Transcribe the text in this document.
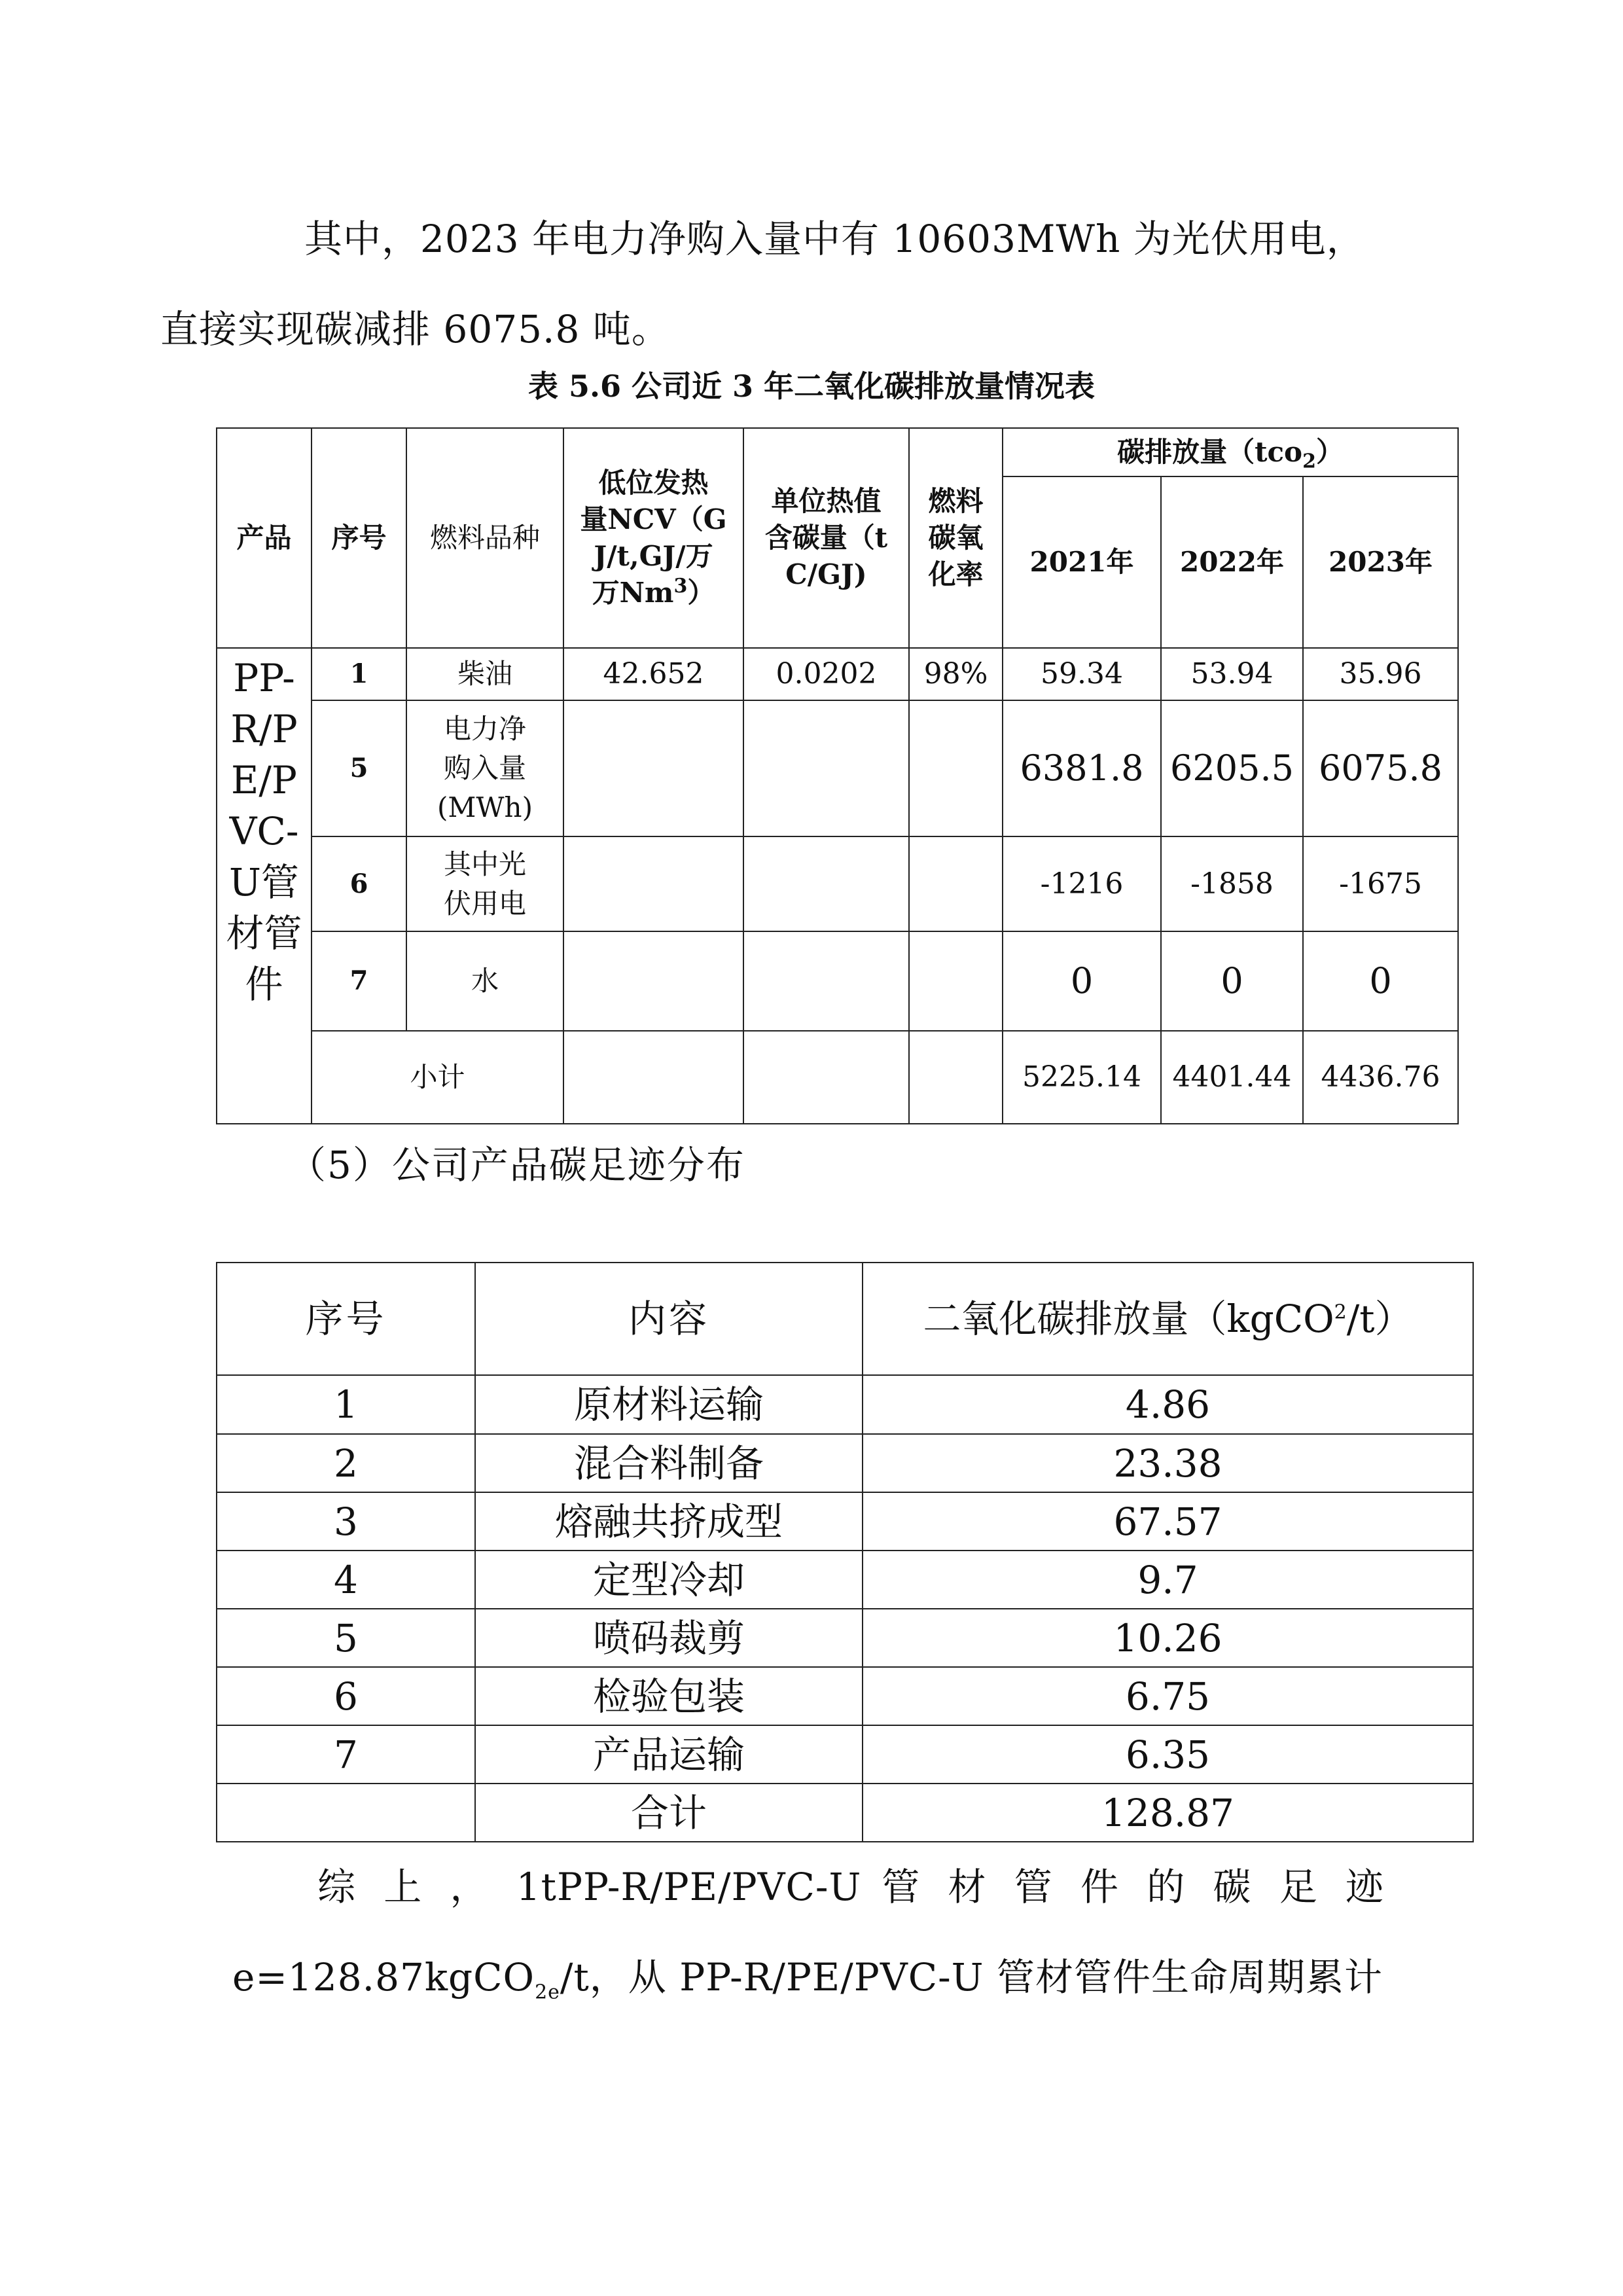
其中，2023 年电力净购入量中有 10603MWh 为光伏用电，
直接实现碳减排 6075.8 吨。

表 5.6 公司近 3 年二氧化碳排放量情况表
产品	序号	燃料品种	低位发热
量NCV（G
J/t,GJ/万
万Nm$^3$）	单位热值
含碳量（t
C/GJ)	燃料
碳氧
化率	碳排放量（tco$_2$）		
						2021年	2022年	2023年
PP-R/PE/PVC-U管材管件	1	柴油	42.652	0.0202	98%	59.34	53.94	35.96
	5	电力净
购入量
(MWh)				6381.8	6205.5	6075.8
	6	其中光
伏用电				-1216	-1858	-1675
	7	水				0	0	0
	小计					5225.14	4401.44	4436.76
（5）公司产品碳足迹分布
序号	内容	二氧化碳排放量（kgCO$^2$/t）
1	原材料运输	4.86
2	混合料制备	23.38
3	熔融共挤成型	67.57
4	定型冷却	9.7
5	喷码裁剪	10.26
6	检验包装	6.75
7	产品运输	6.35
	合计	128.87

综 上 ， 1tPP-R/PE/PVC-U 管 材 管 件 的 碳 足 迹

e=128.87kgCO$_{2e}$/t，从 PP-R/PE/PVC-U 管材管件生命周期累计
